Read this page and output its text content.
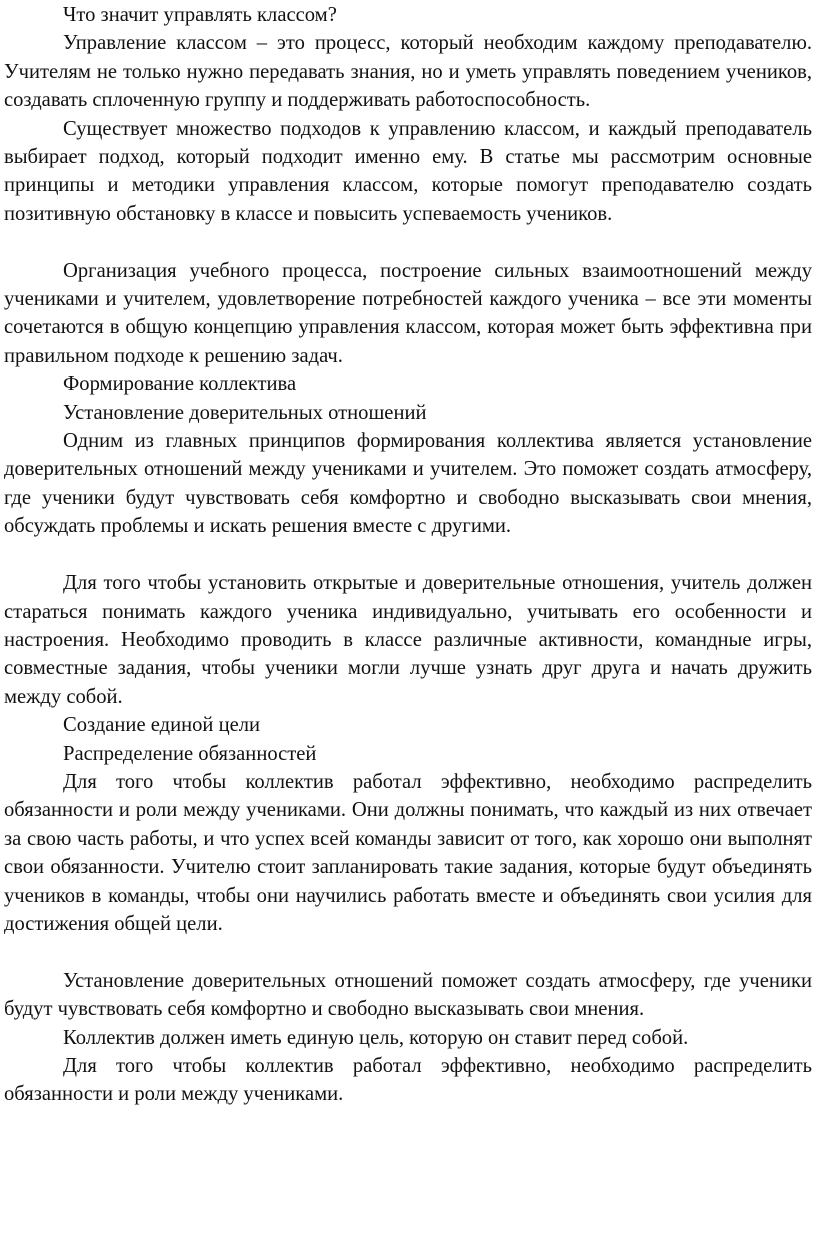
Что значит управлять классом?

Управление классом – это процесс, который необходим каждому преподавателю. Учителям не только нужно передавать знания, но и уметь управлять поведением учеников, создавать сплоченную группу и поддерживать работоспособность.

Существует множество подходов к управлению классом, и каждый преподаватель выбирает подход, который подходит именно ему. В статье мы рассмотрим основные принципы и методики управления классом, которые помогут преподавателю создать позитивную обстановку в классе и повысить успеваемость учеников.

Организация учебного процесса, построение сильных взаимоотношений между учениками и учителем, удовлетворение потребностей каждого ученика – все эти моменты сочетаются в общую концепцию управления классом, которая может быть эффективна при правильном подходе к решению задач.

Формирование коллектива

Установление доверительных отношений

Одним из главных принципов формирования коллектива является установление доверительных отношений между учениками и учителем. Это поможет создать атмосферу, где ученики будут чувствовать себя комфортно и свободно высказывать свои мнения, обсуждать проблемы и искать решения вместе с другими.

Для того чтобы установить открытые и доверительные отношения, учитель должен стараться понимать каждого ученика индивидуально, учитывать его особенности и настроения. Необходимо проводить в классе различные активности, командные игры, совместные задания, чтобы ученики могли лучше узнать друг друга и начать дружить между собой.

Создание единой цели

Распределение обязанностей

Для того чтобы коллектив работал эффективно, необходимо распределить обязанности и роли между учениками. Они должны понимать, что каждый из них отвечает за свою часть работы, и что успех всей команды зависит от того, как хорошо они выполнят свои обязанности. Учителю стоит запланировать такие задания, которые будут объединять учеников в команды, чтобы они научились работать вместе и объединять свои усилия для достижения общей цели.

Установление доверительных отношений поможет создать атмосферу, где ученики будут чувствовать себя комфортно и свободно высказывать свои мнения.

Коллектив должен иметь единую цель, которую он ставит перед собой.

Для того чтобы коллектив работал эффективно, необходимо распределить обязанности и роли между учениками.
